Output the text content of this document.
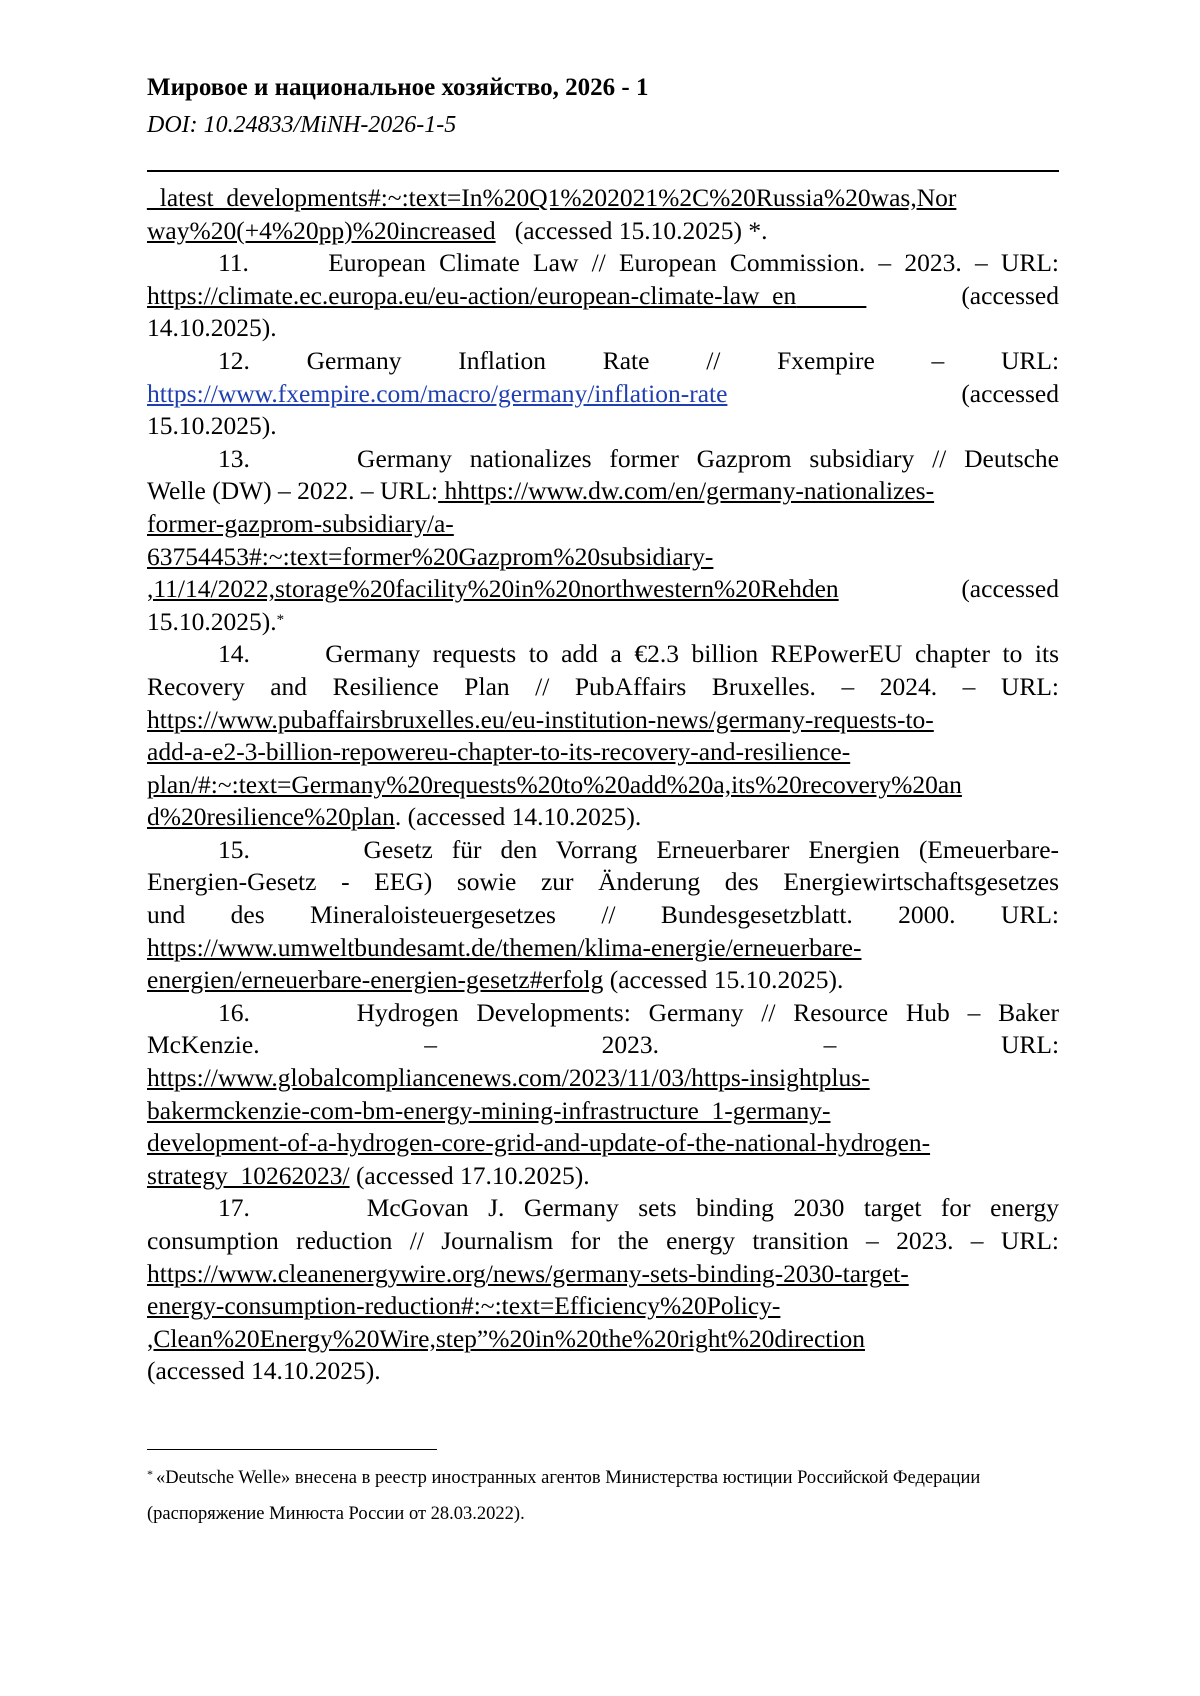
Мировое и национальное хозяйство, 2026 - 1
DOI: 10.24833/MiNH-2026-1-5
_latest_developments#:~:text=In%20Q1%202021%2C%20Russia%20was,Nor
way%20(+4%20pp)%20increased (accessed 15.10.2025) *.
11.	European Climate Law // European Commission. – 2023. – URL:
https://climate.ec.europa.eu/eu-action/european-climate-law_en	(accessed
14.10.2025).
12. Germany Inflation Rate // Fxempire – URL:
https://www.fxempire.com/macro/germany/inflation-rate	(accessed
15.10.2025).
13.	Germany nationalizes former Gazprom subsidiary // Deutsche
Welle (DW) – 2022. – URL: hhttps://www.dw.com/en/germany-nationalizes-
former-gazprom-subsidiary/a-
63754453#:~:text=former%20Gazprom%20subsidiary-
,11/14/2022,storage%20facility%20in%20northwestern%20Rehden	(accessed
15.10.2025).*
14.	Germany requests to add a €2.3 billion REPowerEU chapter to its
Recovery and Resilience Plan // PubAffairs Bruxelles. – 2024. – URL:
https://www.pubaffairsbruxelles.eu/eu-institution-news/germany-requests-to-
add-a-e2-3-billion-repowereu-chapter-to-its-recovery-and-resilience-
plan/#:~:text=Germany%20requests%20to%20add%20a,its%20recovery%20an
d%20resilience%20plan. (accessed 14.10.2025).
15.	Gesetz für den Vorrang Erneuerbarer Energien (Emeuerbare-
Energien-Gesetz - EEG) sowie zur Änderung des Energiewirtschaftsgesetzes
und des Mineraloisteuergesetzes // Bundesgesetzblatt. 2000. URL:
https://www.umweltbundesamt.de/themen/klima-energie/erneuerbare-
energien/erneuerbare-energien-gesetz#erfolg (accessed 15.10.2025).
16.	Hydrogen Developments: Germany // Resource Hub – Baker
McKenzie.	–	2023.	–	URL:
https://www.globalcompliancenews.com/2023/11/03/https-insightplus-
bakermckenzie-com-bm-energy-mining-infrastructure_1-germany-
development-of-a-hydrogen-core-grid-and-update-of-the-national-hydrogen-
strategy_10262023/ (accessed 17.10.2025).
17.	McGovan J. Germany sets binding 2030 target for energy
consumption reduction // Journalism for the energy transition – 2023. – URL:
https://www.cleanenergywire.org/news/germany-sets-binding-2030-target-
energy-consumption-reduction#:~:text=Efficiency%20Policy-
,Clean%20Energy%20Wire,step”%20in%20the%20right%20direction
(accessed 14.10.2025).
* «Deutsche Welle» внесена в реестр иностранных агентов Министерства юстиции Российской Федерации
(распоряжение Минюста России от 28.03.2022).
